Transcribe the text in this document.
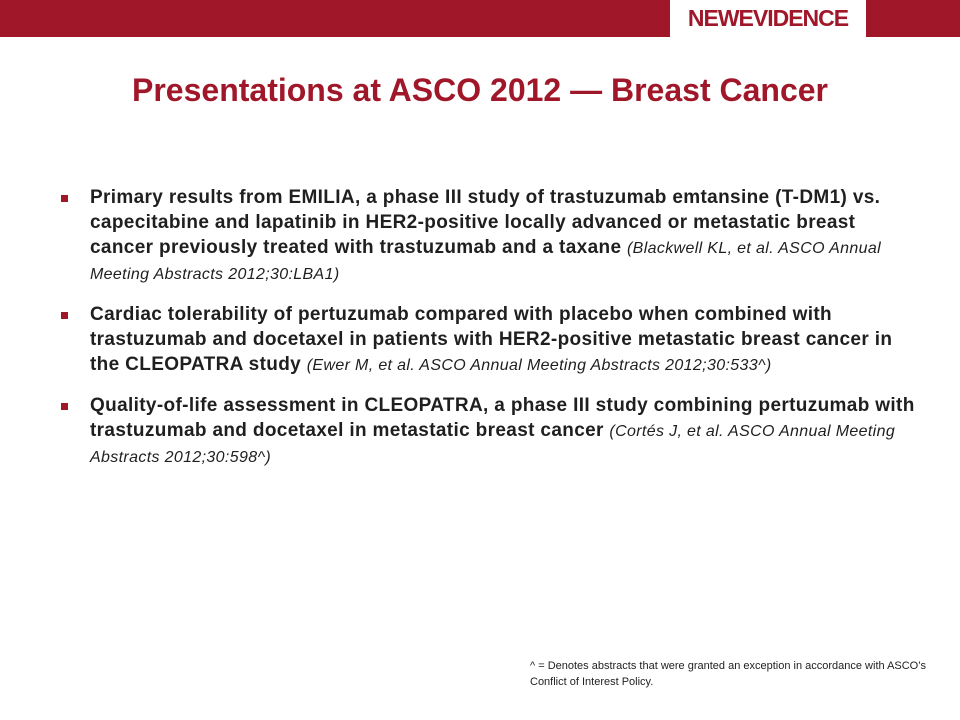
NEWEVIDENCE
Presentations at ASCO 2012 — Breast Cancer
Primary results from EMILIA, a phase III study of trastuzumab emtansine (T-DM1) vs. capecitabine and lapatinib in HER2-positive locally advanced or metastatic breast cancer previously treated with trastuzumab and a taxane (Blackwell KL, et al. ASCO Annual Meeting Abstracts 2012;30:LBA1)
Cardiac tolerability of pertuzumab compared with placebo when combined with trastuzumab and docetaxel in patients with HER2-positive metastatic breast cancer in the CLEOPATRA study (Ewer M, et al. ASCO Annual Meeting Abstracts 2012;30:533^)
Quality-of-life assessment in CLEOPATRA, a phase III study combining pertuzumab with trastuzumab and docetaxel in metastatic breast cancer (Cortés J, et al. ASCO Annual Meeting Abstracts 2012;30:598^)
^ = Denotes abstracts that were granted an exception in accordance with ASCO’s Conflict of Interest Policy.
